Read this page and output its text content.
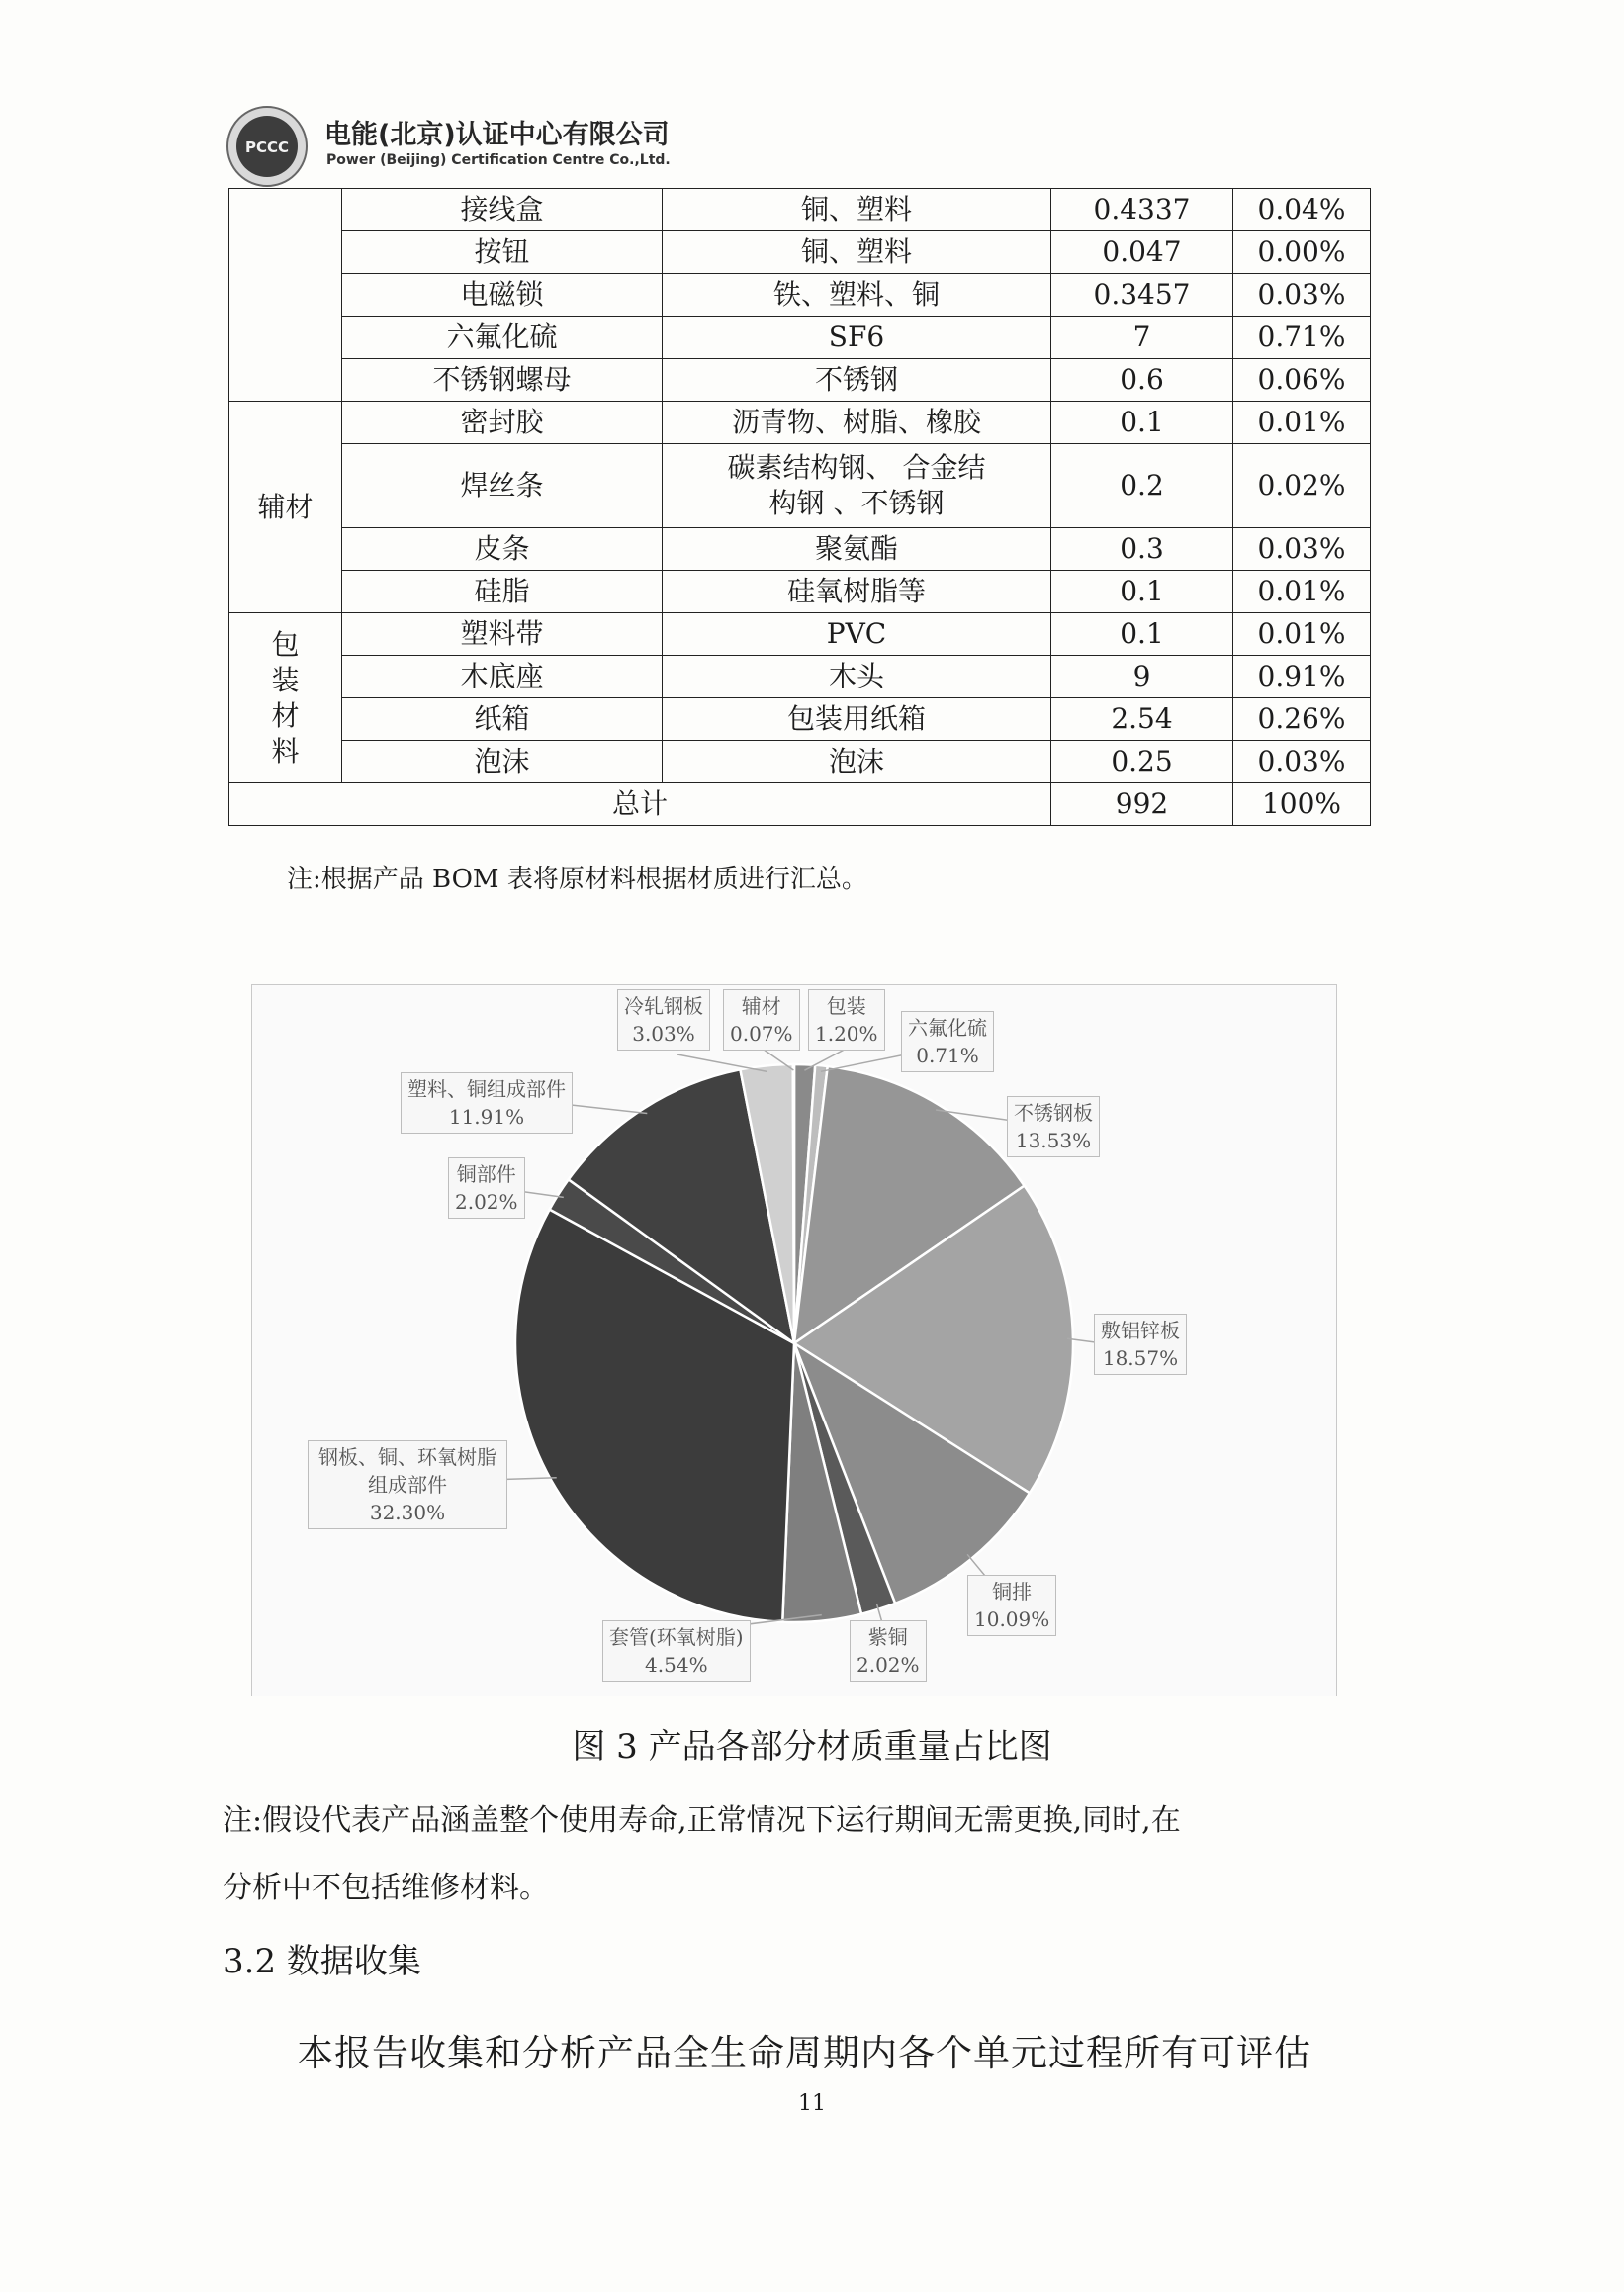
PCCC 电能(北京)认证中心有限公司
Power (Beijing) Certification Centre Co.,Ltd.
	接线盒	铜、塑料	0.4337	0.04%
	按钮	铜、塑料	0.047	0.00%
	电磁锁	铁、塑料、铜	0.3457	0.03%
	六氟化硫	SF6	7	0.71%
	不锈钢螺母	不锈钢	0.6	0.06%
辅材	密封胶	沥青物、树脂、橡胶	0.1	0.01%
	焊丝条	碳素结构钢、 合金结构钢 、不锈钢	0.2	0.02%
	皮条	聚氨酯	0.3	0.03%
	硅脂	硅氧树脂等	0.1	0.01%
包装材料	塑料带	PVC	0.1	0.01%
	木底座	木头	9	0.91%
	纸箱	包装用纸箱	2.54	0.26%
	泡沫	泡沫	0.25	0.03%
总计			992	100%
注:根据产品 BOM 表将原材料根据材质进行汇总。
冷轧钢板
3.03%
辅材
0.07%
包装
1.20%	六氟化硫
0.71%
不锈钢板
13.53%
敷铝锌板
18.57%
铜排
10.09%
紫铜
2.02%
套管(环氧树脂)
4.54%
钢板、铜、环氧树脂组成部件
32.30%
铜部件
2.02%
塑料、铜组成部件
11.91%
图 3 产品各部分材质重量占比图
注:假设代表产品涵盖整个使用寿命,正常情况下运行期间无需更换,同时,在
分析中不包括维修材料。
3.2 数据收集
本报告收集和分析产品全生命周期内各个单元过程所有可评估
11
